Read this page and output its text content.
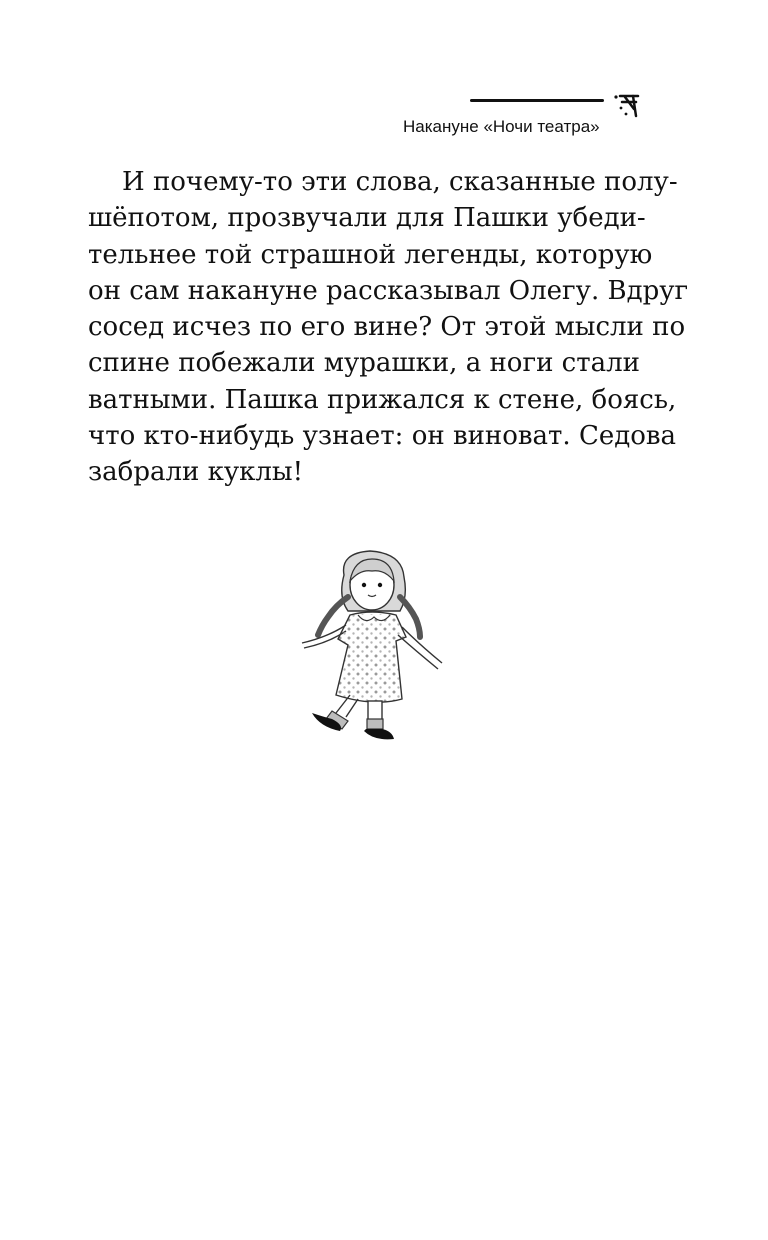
Накануне «Ночи театра»

И почему-то эти слова, сказанные полу-
шёпотом, прозвучали для Пашки убеди-
тельнее той страшной легенды, которую
он сам накануне рассказывал Олегу. Вдруг
сосед исчез по его вине? От этой мысли по
спине побежали мурашки, а ноги стали
ватными. Пашка прижался к стене, боясь,
что кто-нибудь узнает: он виноват. Седова
забрали куклы!
